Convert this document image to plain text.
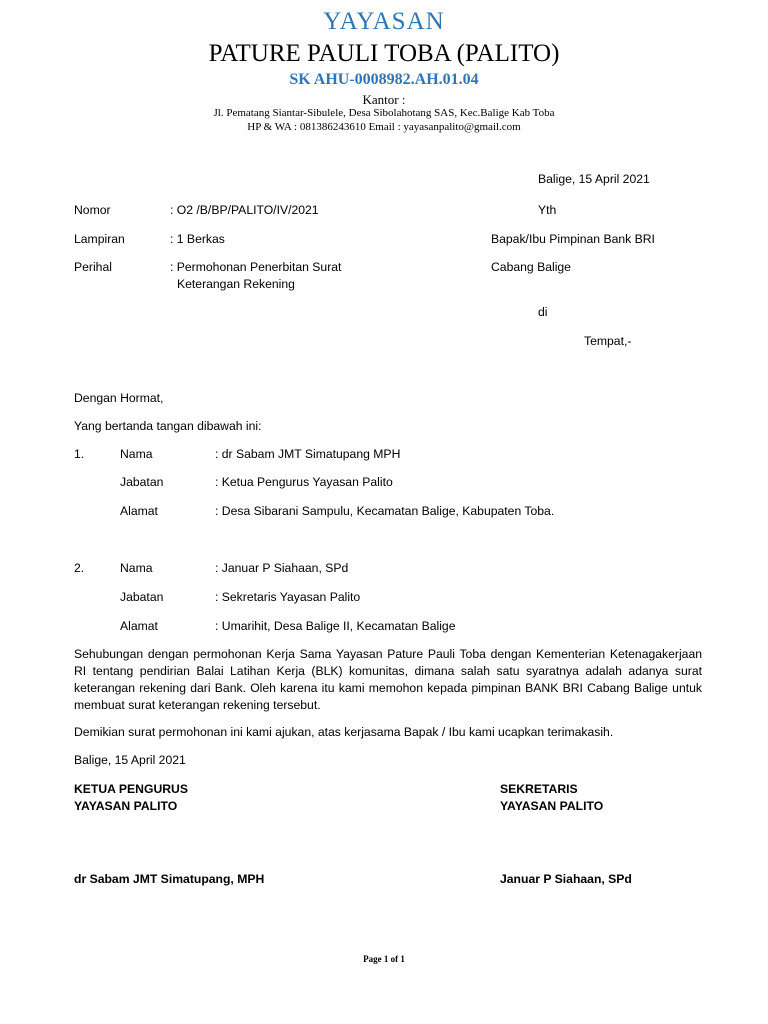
YAYASAN
PATURE PAULI TOBA (PALITO)
SK AHU-0008982.AH.01.04
Kantor :
Jl. Pematang Siantar-Sibulele, Desa Sibolahotang SAS, Kec.Balige Kab Toba
HP & WA : 081386243610 Email : yayasanpalito@gmail.com
Balige, 15 April 2021
Nomor	: O2 /B/BP/PALITO/IV/2021
Lampiran	: 1 Berkas
Perihal	: Permohonan Penerbitan Surat
Keterangan Rekening
Yth
Bapak/Ibu Pimpinan Bank BRI
Cabang Balige
di
Tempat,-
Dengan Hormat,
Yang bertanda tangan dibawah ini:
1.	Nama	: dr Sabam JMT Simatupang MPH
Jabatan	: Ketua Pengurus Yayasan Palito
Alamat	: Desa Sibarani Sampulu, Kecamatan Balige, Kabupaten Toba.
2.	Nama	: Januar P Siahaan, SPd
Jabatan	: Sekretaris Yayasan Palito
Alamat	: Umarihit, Desa Balige II, Kecamatan Balige
Sehubungan dengan permohonan Kerja Sama Yayasan Pature Pauli Toba dengan Kementerian Ketenagakerjaan RI tentang pendirian Balai Latihan Kerja (BLK) komunitas, dimana salah satu syaratnya adalah adanya surat keterangan rekening dari Bank. Oleh karena itu kami memohon kepada pimpinan BANK BRI Cabang Balige untuk membuat surat keterangan rekening tersebut.
Demikian surat permohonan ini kami ajukan, atas kerjasama Bapak / Ibu kami ucapkan terimakasih.
Balige, 15 April 2021
KETUA PENGURUS
YAYASAN PALITO
dr Sabam JMT Simatupang, MPH
SEKRETARIS
YAYASAN PALITO
Januar P Siahaan, SPd
Page 1 of 1
